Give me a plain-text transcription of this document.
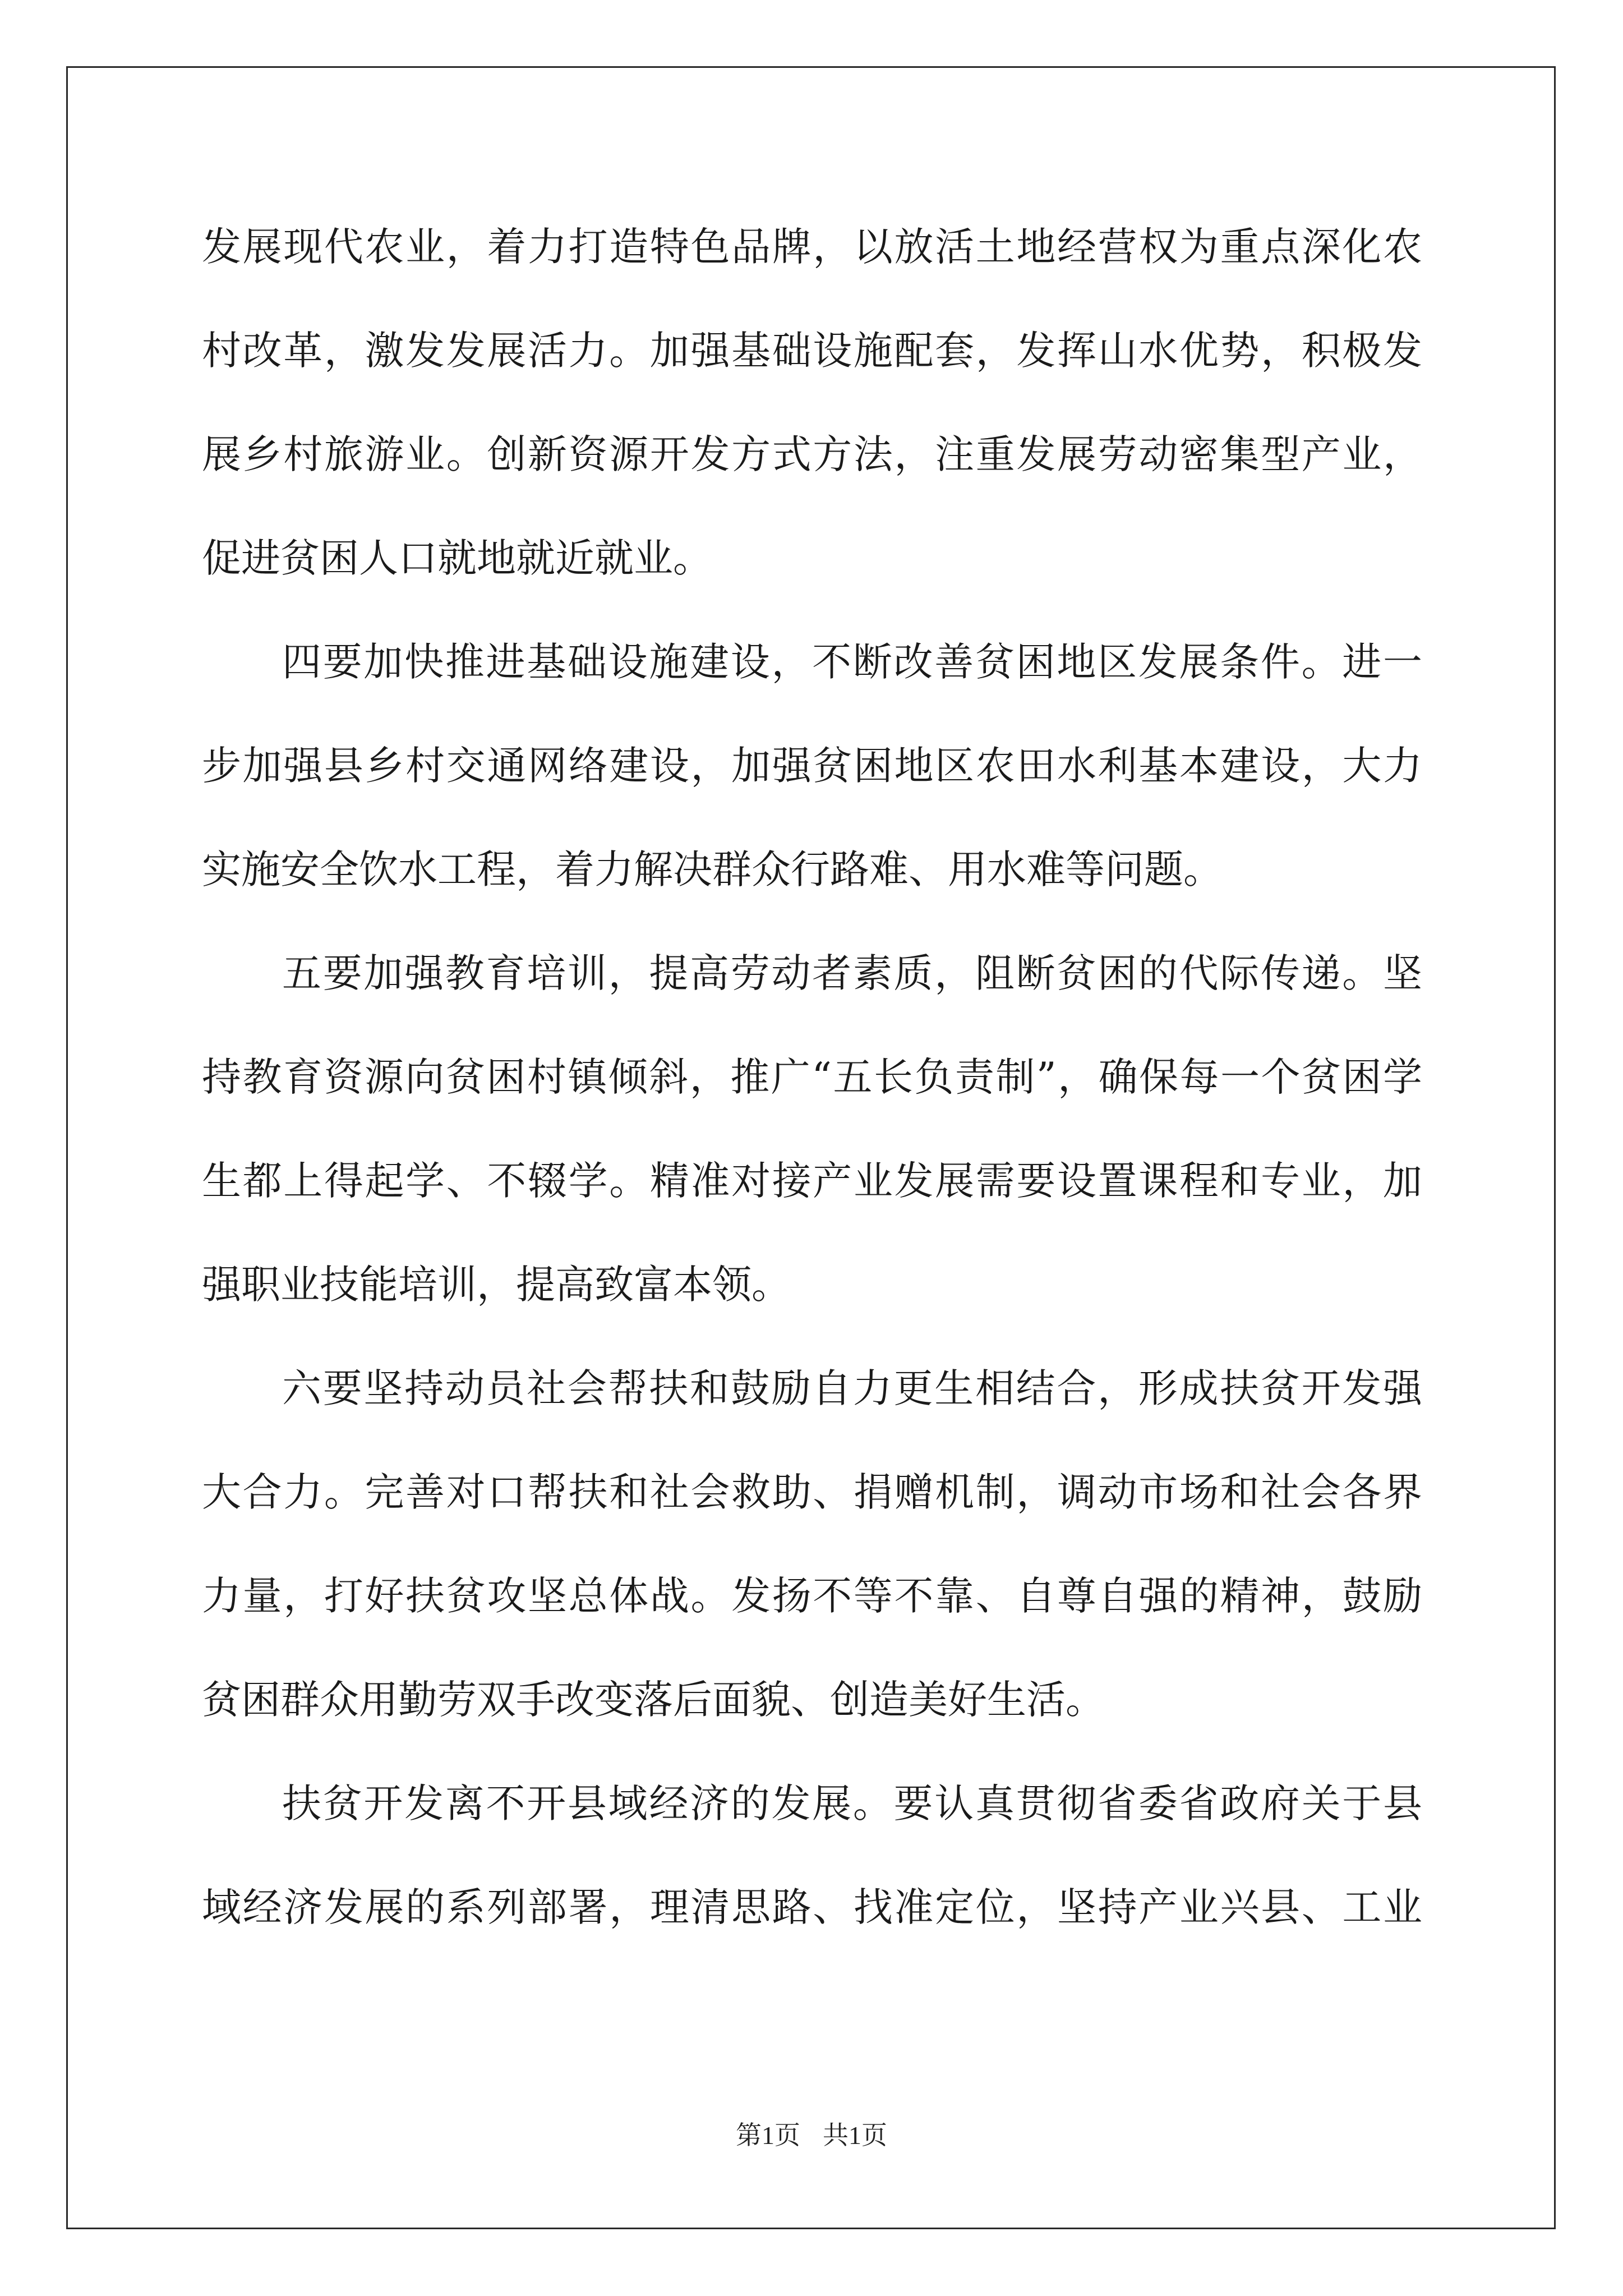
发展现代农业，着力打造特色品牌，以放活土地经营权为重点深化农
村改革，激发发展活力。加强基础设施配套，发挥山水优势，积极发
展乡村旅游业。创新资源开发方式方法，注重发展劳动密集型产业，
促进贫困人口就地就近就业。
四要加快推进基础设施建设，不断改善贫困地区发展条件。进一
步加强县乡村交通网络建设，加强贫困地区农田水利基本建设，大力
实施安全饮水工程，着力解决群众行路难、用水难等问题。
五要加强教育培训，提高劳动者素质，阻断贫困的代际传递。坚
持教育资源向贫困村镇倾斜，推广“五长负责制”，确保每一个贫困学
生都上得起学、不辍学。精准对接产业发展需要设置课程和专业，加
强职业技能培训，提高致富本领。
六要坚持动员社会帮扶和鼓励自力更生相结合，形成扶贫开发强
大合力。完善对口帮扶和社会救助、捐赠机制，调动市场和社会各界
力量，打好扶贫攻坚总体战。发扬不等不靠、自尊自强的精神，鼓励
贫困群众用勤劳双手改变落后面貌、创造美好生活。
扶贫开发离不开县域经济的发展。要认真贯彻省委省政府关于县
域经济发展的系列部署，理清思路、找准定位，坚持产业兴县、工业
第1页 共1页
